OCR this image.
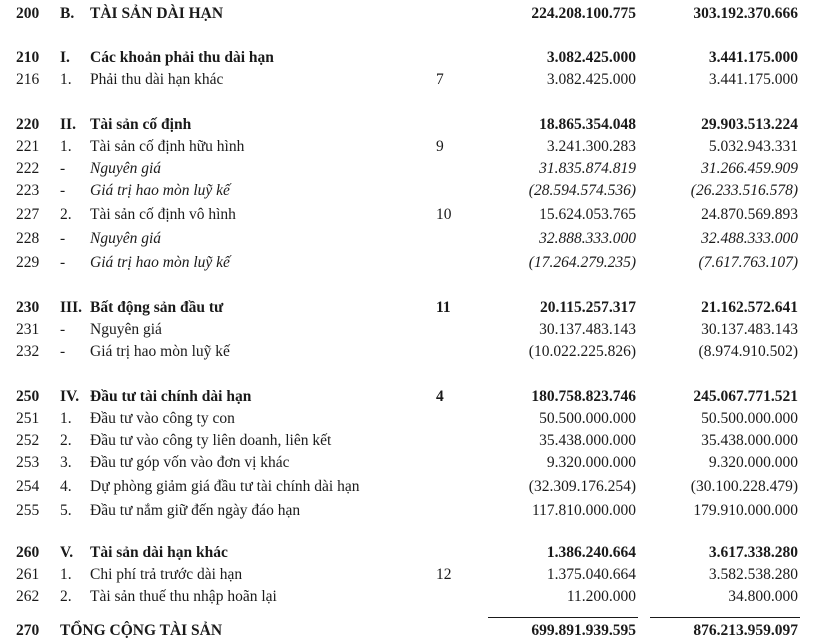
200 B. TÀI SẢN DÀI HẠN	224.208.100.775	303.192.370.666
210 I. Các khoản phải thu dài hạn	3.082.425.000	3.441.175.000
216 1. Phải thu dài hạn khác	7	3.082.425.000	3.441.175.000
220 II. Tài sản cố định	18.865.354.048	29.903.513.224
221 1. Tài sản cố định hữu hình	9	3.241.300.283	5.032.943.331
222 - Nguyên giá	31.835.874.819	31.266.459.909
223 - Giá trị hao mòn luỹ kế	(28.594.574.536)	(26.233.516.578)
227 2. Tài sản cố định vô hình	10	15.624.053.765	24.870.569.893
228 - Nguyên giá	32.888.333.000	32.488.333.000
229 - Giá trị hao mòn luỹ kế	(17.264.279.235)	(7.617.763.107)
230 III. Bất động sản đầu tư	11	20.115.257.317	21.162.572.641
231 - Nguyên giá	30.137.483.143	30.137.483.143
232 - Giá trị hao mòn luỹ kế	(10.022.225.826)	(8.974.910.502)
250 IV. Đầu tư tài chính dài hạn	4	180.758.823.746	245.067.771.521
251 1. Đầu tư vào công ty con	50.500.000.000	50.500.000.000
252 2. Đầu tư vào công ty liên doanh, liên kết	35.438.000.000	35.438.000.000
253 3. Đầu tư góp vốn vào đơn vị khác	9.320.000.000	9.320.000.000
254 4. Dự phòng giảm giá đầu tư tài chính dài hạn	(32.309.176.254)	(30.100.228.479)
255 5. Đầu tư nắm giữ đến ngày đáo hạn	117.810.000.000	179.910.000.000
260 V. Tài sản dài hạn khác	1.386.240.664	3.617.338.280
261 1. Chi phí trả trước dài hạn	12	1.375.040.664	3.582.538.280
262 2. Tài sản thuế thu nhập hoãn lại	11.200.000	34.800.000
270 TỔNG CỘNG TÀI SẢN	699.891.939.595	876.213.959.097
